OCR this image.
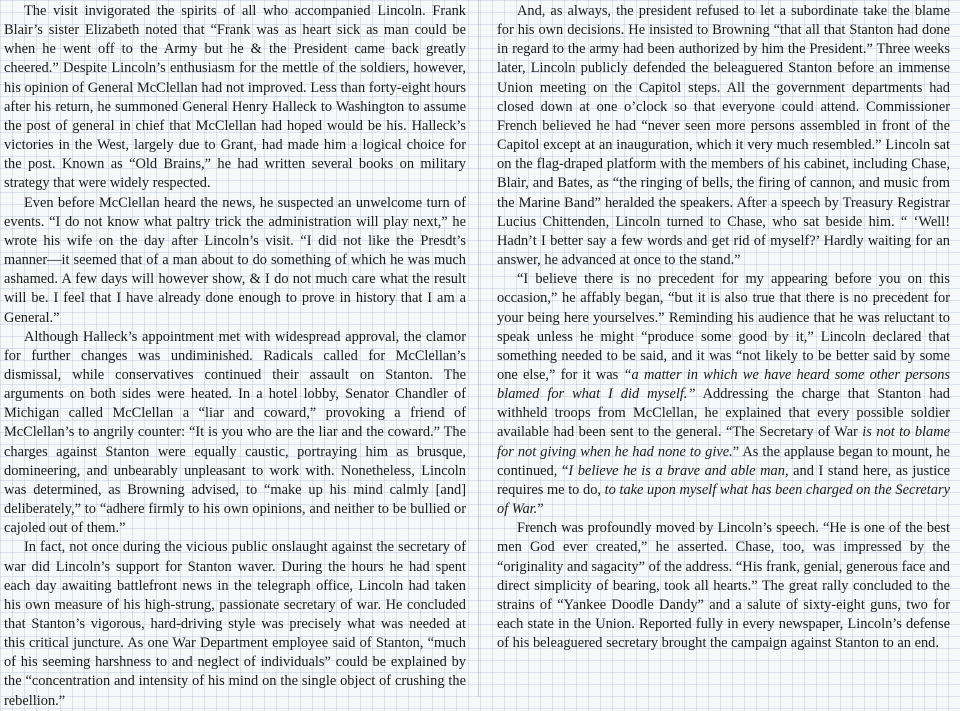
The visit invigorated the spirits of all who accompanied Lincoln. Frank Blair’s sister Elizabeth noted that “Frank was as heart sick as man could be when he went off to the Army but he & the President came back greatly cheered.” Despite Lincoln’s enthusiasm for the mettle of the soldiers, however, his opinion of General McClellan had not improved. Less than forty-eight hours after his return, he summoned General Henry Halleck to Washington to assume the post of general in chief that McClellan had hoped would be his. Halleck’s victories in the West, largely due to Grant, had made him a logical choice for the post. Known as “Old Brains,” he had written several books on military strategy that were widely respected.

Even before McClellan heard the news, he suspected an unwelcome turn of events. “I do not know what paltry trick the administration will play next,” he wrote his wife on the day after Lincoln’s visit. “I did not like the Presdt’s manner—it seemed that of a man about to do something of which he was much ashamed. A few days will however show, & I do not much care what the result will be. I feel that I have already done enough to prove in history that I am a General.”

Although Halleck’s appointment met with widespread approval, the clamor for further changes was undiminished. Radicals called for McClellan’s dismissal, while conservatives continued their assault on Stanton. The arguments on both sides were heated. In a hotel lobby, Senator Chandler of Michigan called McClellan a “liar and coward,” provoking a friend of McClellan’s to angrily counter: “It is you who are the liar and the coward.” The charges against Stanton were equally caustic, portraying him as brusque, domineering, and unbearably unpleasant to work with. Nonetheless, Lincoln was determined, as Browning advised, to “make up his mind calmly [and] deliberately,” to “adhere firmly to his own opinions, and neither to be bullied or cajoled out of them.”

In fact, not once during the vicious public onslaught against the secretary of war did Lincoln’s support for Stanton waver. During the hours he had spent each day awaiting battlefront news in the telegraph office, Lincoln had taken his own measure of his high-strung, passionate secretary of war. He concluded that Stanton’s vigorous, hard-driving style was precisely what was needed at this critical juncture. As one War Department employee said of Stanton, “much of his seeming harshness to and neglect of individuals” could be explained by the “concentration and intensity of his mind on the single object of crushing the rebellion.”

And, as always, the president refused to let a subordinate take the blame for his own decisions. He insisted to Browning “that all that Stanton had done in regard to the army had been authorized by him the President.” Three weeks later, Lincoln publicly defended the beleaguered Stanton before an immense Union meeting on the Capitol steps. All the government departments had closed down at one o’clock so that everyone could attend. Commissioner French believed he had “never seen more persons assembled in front of the Capitol except at an inauguration, which it very much resembled.” Lincoln sat on the flag-draped platform with the members of his cabinet, including Chase, Blair, and Bates, as “the ringing of bells, the firing of cannon, and music from the Marine Band” heralded the speakers. After a speech by Treasury Registrar Lucius Chittenden, Lincoln turned to Chase, who sat beside him. “ ‘Well! Hadn’t I better say a few words and get rid of myself?’ Hardly waiting for an answer, he advanced at once to the stand.”

“I believe there is no precedent for my appearing before you on this occasion,” he affably began, “but it is also true that there is no precedent for your being here yourselves.” Reminding his audience that he was reluctant to speak unless he might “produce some good by it,” Lincoln declared that something needed to be said, and it was “not likely to be better said by some one else,” for it was “a matter in which we have heard some other persons blamed for what I did myself.” Addressing the charge that Stanton had withheld troops from McClellan, he explained that every possible soldier available had been sent to the general. “The Secretary of War is not to blame for not giving when he had none to give.” As the applause began to mount, he continued, “I believe he is a brave and able man, and I stand here, as justice requires me to do, to take upon myself what has been charged on the Secretary of War.”

French was profoundly moved by Lincoln’s speech. “He is one of the best men God ever created,” he asserted. Chase, too, was impressed by the “originality and sagacity” of the address. “His frank, genial, generous face and direct simplicity of bearing, took all hearts.” The great rally concluded to the strains of “Yankee Doodle Dandy” and a salute of sixty-eight guns, two for each state in the Union. Reported fully in every newspaper, Lincoln’s defense of his beleaguered secretary brought the campaign against Stanton to an end.
